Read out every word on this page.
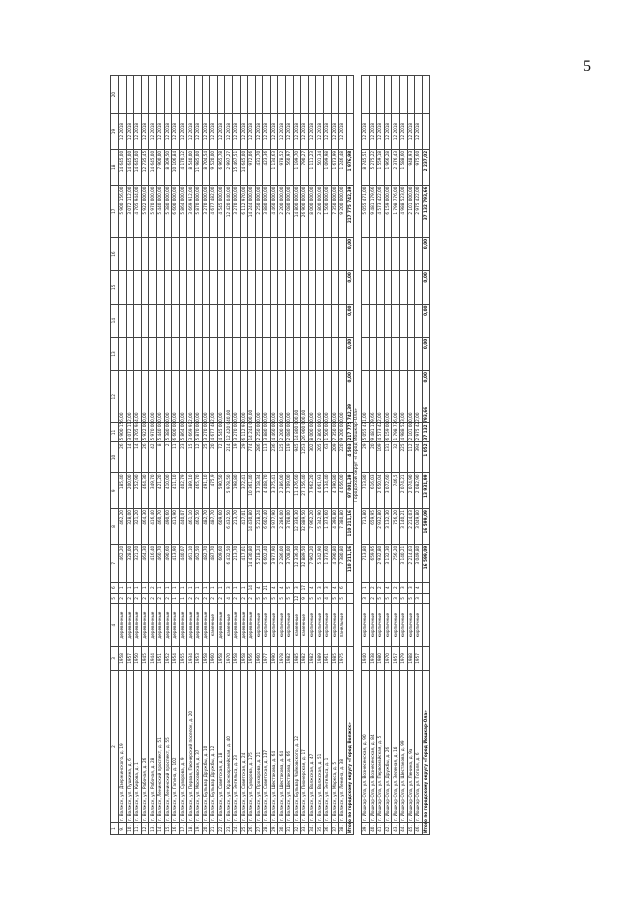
5
1	2	3	4	5	6	7	8	9	10	11	12	13	14	15	16	17	18	19	20
9.	г. Волжск, ул. Дзержинского, д. 19	1958	деревянные	2	1	462,20	462,20	185,40	26	5 900 156,00						5 900 156,00	14 645,00	12 2018	
10.	г. Волжск, ул. Пушкина, д. 6	1957	деревянные	2	1	328,00	328,00	200,00	14	3 072 112,00						3 072 112,00	14 645,00	12 2018	
11.	г. Волжск, ул. Кирова, д. 1	1950	деревянные	2	1	321,20	321,20	252,90	14	4 705 944,00						4 705 944,00	14 645,00	12 2018	
12.	г. Волжск, ул. Рабочая, д. 26	1945	деревянные	2	1	464,30	464,30	464,30	26	5 922 000,00						5 922 000,00	12 735,45	12 2018	
13.	г. Волжск, ул. Рабочая, д. 28	1944	деревянные	2	2	416,40	416,40	349,70	42	5 970 000,00						5 970 000,00	14 645,00	12 2018	
14.	г. Волжск, Ленинский проспект, д. 51	1951	деревянные	2	1	460,70	460,70	421,20	8	5 440 000,00						5 440 000,00	7 900,00	12 2018	
15.	г. Волжск, Ленинский проспект, д. 55	1952	деревянные	2	1	490,60	490,60	410,00	2	5 380 000,00						5 380 000,00	8 309,50	12 2018	
16.	г. Волжск, ул. Гагина, д. 102	1954	деревянные	1	1	413,90	413,90	411,10	11	6 600 000,00						6 600 000,00	10 106,84	12 2018	
17.	г. Волжск, ул. Суворова, д. 9	1955	деревянные	1	1	440,07	440,07	402,79	23	5 864 000,00						5 864 000,00	4 170,12	12 2018	
18.	г. Волжск, ул. Первая, Пионерский поселок, д. 20	1934	деревянные	2	1	461,10	461,10	389,10	15	3 669 912,00						3 669 912,00	8 540,00	12 2018	
19.	г. Волжск, ул. Московская, д. 37	1953	деревянные	2	1	462,50	462,50	465,70	12	5 870 000,00						5 870 000,00	11 985,00	12 2018	
20.	г. Волжск, Бульвар Дружбы, д. 10	1958	деревянные	2	1	482,70	482,70	491,10	25	3 270 000,00						3 270 000,00	8 704,54	12 2018	
21.	г. Волжск, Бульвар Дружбы, д. 12	1960	каменные	2	1	487,70	487,70	475,9	20	4 677 482,00						4 677 482,00	9 520,00	12 2018	
22.	г. Волжск, ул. Советская, д. 18	1958	деревянные	2	1	609,60	609,60	590,50	72	4 545 000,00						4 545 000,00	6 965,78	12 2018	
23.	г. Волжск, ул. Красноармейская, д. 40	1970	каменные	4	3	6 432,50	6 432,50	5 978,50	214	12 420 040,00						12 420 040,00	2 997,27	12 2018	
24.	г. Волжск, ул. Энгельса, д. 23	1958	деревянные	2	1	213,70	213,70	198,80	19	3 270 000,00						3 270 000,00	15 467,51	12 2018	
25.	г. Волжск, ул. Советская, д. 24	1958	деревянные	2	1	417,01	417,01	372,41	29	6 112 970,00						6 112 970,00	14 645,00	12 2018	
26.	г. Волжск, ул. Суворова, д. 175	1956	деревянные	2	14	14 430,80	14 430,80	10 361,40	774	14 244 000,00						14 244 000,00	972,06	12 2018	
27.	г. Волжск, ул. Прохорова, д. 21	1960	кирпичные	5	4	5 218,24	5 218,24	3 718,34	286	2 250 000,00						2 250 000,00	431,70	12 2018	
28.	г. Волжск, ул. Советская, д. 137	1977	кирпичные	5	21	6 602,40	6 602,40	4 408,70	113	3 880 000,00						3 880 000,00	423,36	12 2018	
29.	г. Волжск, ул. Шестакова, д. 64	1990	кирпичные	5	4	3 977,90	3 977,90	3 375,41	236	4 460 000,00						4 460 000,00	1 134,63	12 2018	
30.	г. Волжск, ул. Шестакова, д. 64	1978	кирпичные	5	4	2 286,00	2 286,00	2 286,00	125	2 200 000,00						2 200 000,00	978,52	12 2018	
31.	г. Волжск, ул. Шестакова, д. 66	1982	кирпичные	5	5	3 708,00	3 708,00	2 709,00	119	2 080 000,00						2 080 000,00	560,97	12 2018	
32.	г. Волжск, Бульвар Чайковского, д. 12	1985	каменные	12	3	12 336,30	12 336,30	11 476,60	945	14 800 000,00						14 800 000,00	1 199,70	12 2018	
33.	г. Волжск, ул. Пионерская, д. 17	1982	каменные	9	17	32 889,50	32 889,50	27 156,40	1253	26 900 000,00						26 900 000,00	790,27	12 2018	
34.	г. Волжск, ул. Волжская, д. 47	1982	кирпичные	5	4	7 962,20	7 962,20	7 962,20	302	8 000 000,00						8 000 000,00	1 111,23	12 2018	
35.	г. Волжск, ул. Волжская, д. 51	1989	кирпичные	5	3	5 342,90	5 342,90	4 061,93	205	2 800 000,00						2 800 000,00	501,34	12 2018	
36.	г. Волжск, ул. Энгельса, д. 1	1961	кирпичные	4	3	1 373,60	1 373,60	1 134,40	63	1 500 000,00						1 500 000,00	1 099,98	12 2018	
37.	г. Волжск, ул. Маркса, д. 5	1985	кирпичные	5	4	4 390,80	4 390,80	4 390,80	209	7 350 000,00						7 350 000,00	1 673,99	12 2018	
38.	г. Волжск, ул. Ленина, д. 38	1975	панельные	5	6	7 380,80	7 380,80	4 056,00	220	9 200 000,00						9 200 000,00	1 246,48	12 2018	
Итого по городскому округу «Город Волжск»						110 211,16	110 211,16	97 001,39	4 503	217 775 742,39	0,00	0,00	0,00	0,00	0,00	217 775 742,39	1 976,98		
Городской округ «Город Йошкар-Ола»																			
39.	г. Йошкар-Ола, ул. Вознесенская, д. 90	1940	кирпичные	3	1	713,80	713,80	713,80	29	5 055 471,00						5 055 471,00	8 745,51	12 2018	
40.	г. Йошкар-Ола, ул. Вознесенская, д. 84	1938	кирпичные	2	2	659,95	659,95	616,03	20	9 481 179,66						9 481 179,66	5 275,22	12 2018	
41.	г. Йошкар-Ола, ул. Первомайская, д. 5	1980	кирпичные	5	2	2 932,80	2 932,80	2 650,04	109	4 573 422,00						4 573 422,00	1 559,18	12 2018	
42.	г. Йошкар-Ола, ул. Дружбы, д. 26	1970	кирпичные	5	4	3 132,30	3 132,30	3 072,60	131	6 159 000,00						6 159 000,00	1 966,28	12 2018	
43.	г. Йошкар-Ола, ул. Зеленая, д. 1б	1957	кирпичные	3	2	756,20	756,20	746,5	32	1 798 776,00						1 798 776,00	2 376,43	12 2018	
44.	г. Йошкар-Ола, ул. Шестакова, д. 99	1979	кирпичные	5	3	3 140,21	3 140,21	2 074,21	225	4 988 523,00						4 988 523,00	1 588,60	12 2018	
45.	г. Йошкар-Ола, ул. Ленина, д. 9а	1988	кирпичные	5	3	2 214,03	2 214,03	2 074,90	112	2 101 000,00						2 101 000,00	948,93	12 2018	
46.	г. Йошкар-Ола, ул. Гоголя, д. 6	1957	кирпичные	3	4	3 049,80	3 049,80	2 082,90	394	2 975 422,00						2 975 422,00	975,60	12 2018	
Итого по городскому округу «Город Йошкар-Ола»						16 599,09	16 599,09	13 931,99	1 052	37 132 793,66	0,00	0,00	0,00	0,00	0,00	37 132 793,66	2 237,02		
